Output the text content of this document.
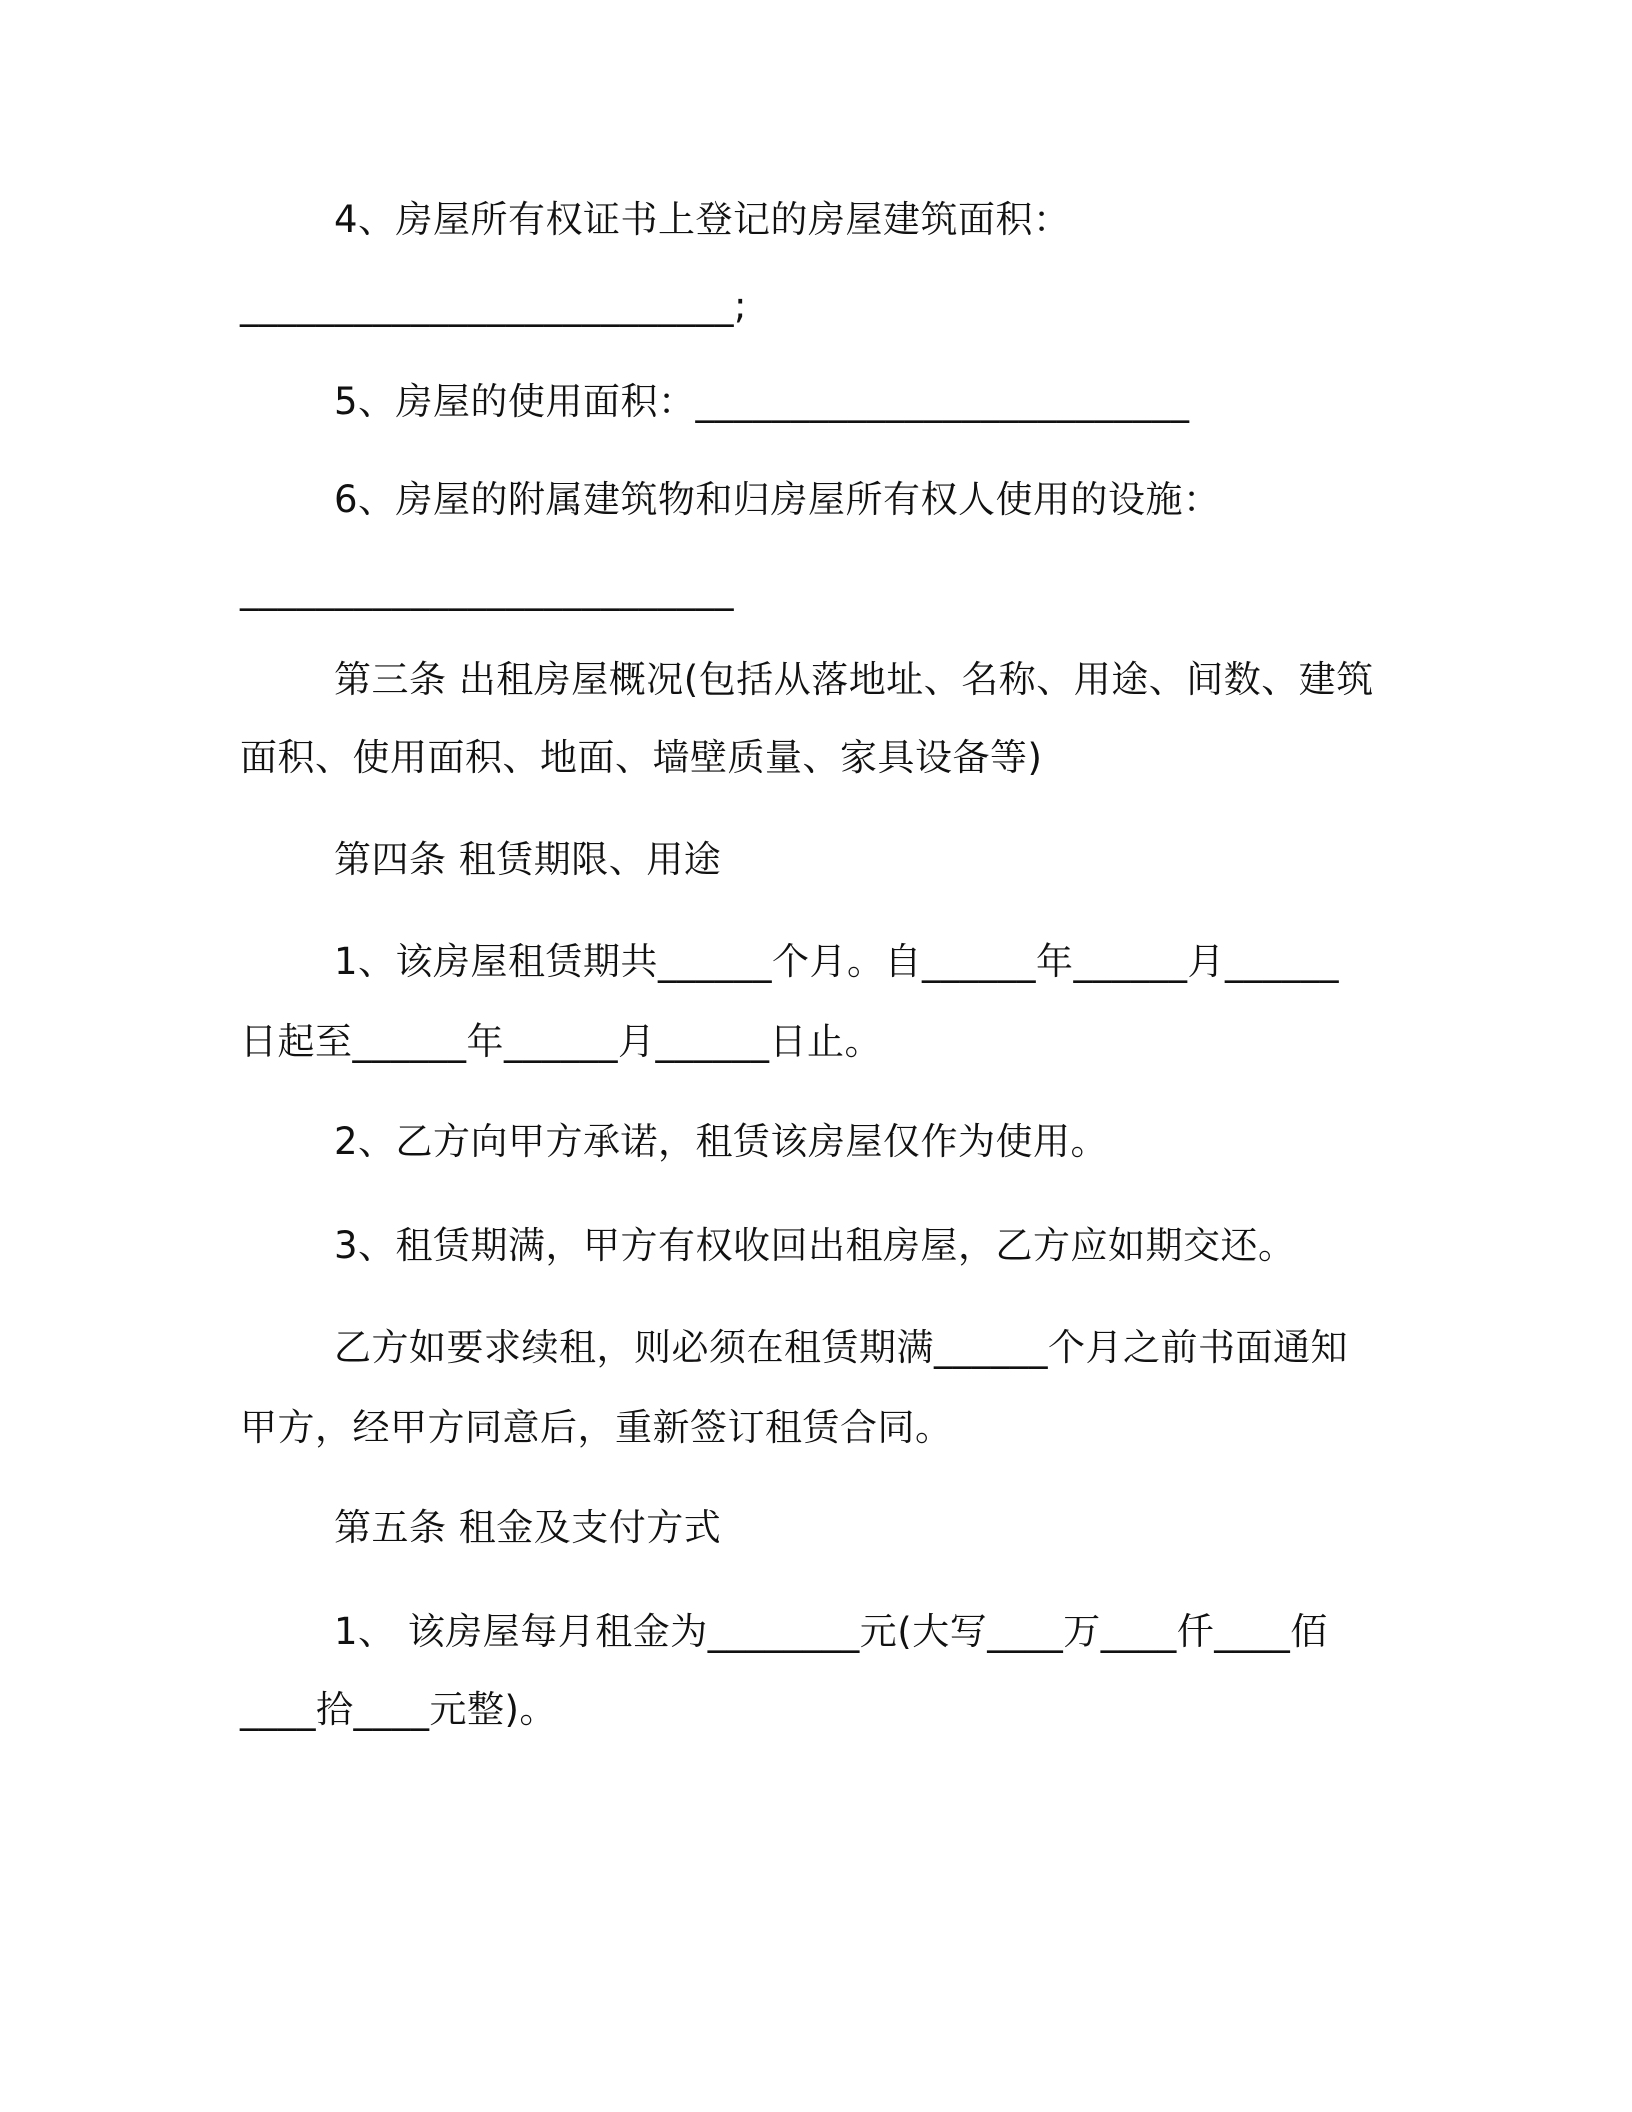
4、房屋所有权证书上登记的房屋建筑面积：
__________________________;
5、房屋的使用面积：__________________________
6、房屋的附属建筑物和归房屋所有权人使用的设施：
__________________________
第三条 出租房屋概况(包括从落地址、名称、用途、间数、建筑
面积、使用面积、地面、墙壁质量、家具设备等)
第四条 租赁期限、用途
1、该房屋租赁期共______个月。自______年______月______
日起至______年______月______日止。
2、乙方向甲方承诺，租赁该房屋仅作为使用。
3、租赁期满，甲方有权收回出租房屋，乙方应如期交还。
乙方如要求续租，则必须在租赁期满______个月之前书面通知
甲方，经甲方同意后，重新签订租赁合同。
第五条 租金及支付方式
1、 该房屋每月租金为________元(大写____万____仟____佰
____拾____元整)。
